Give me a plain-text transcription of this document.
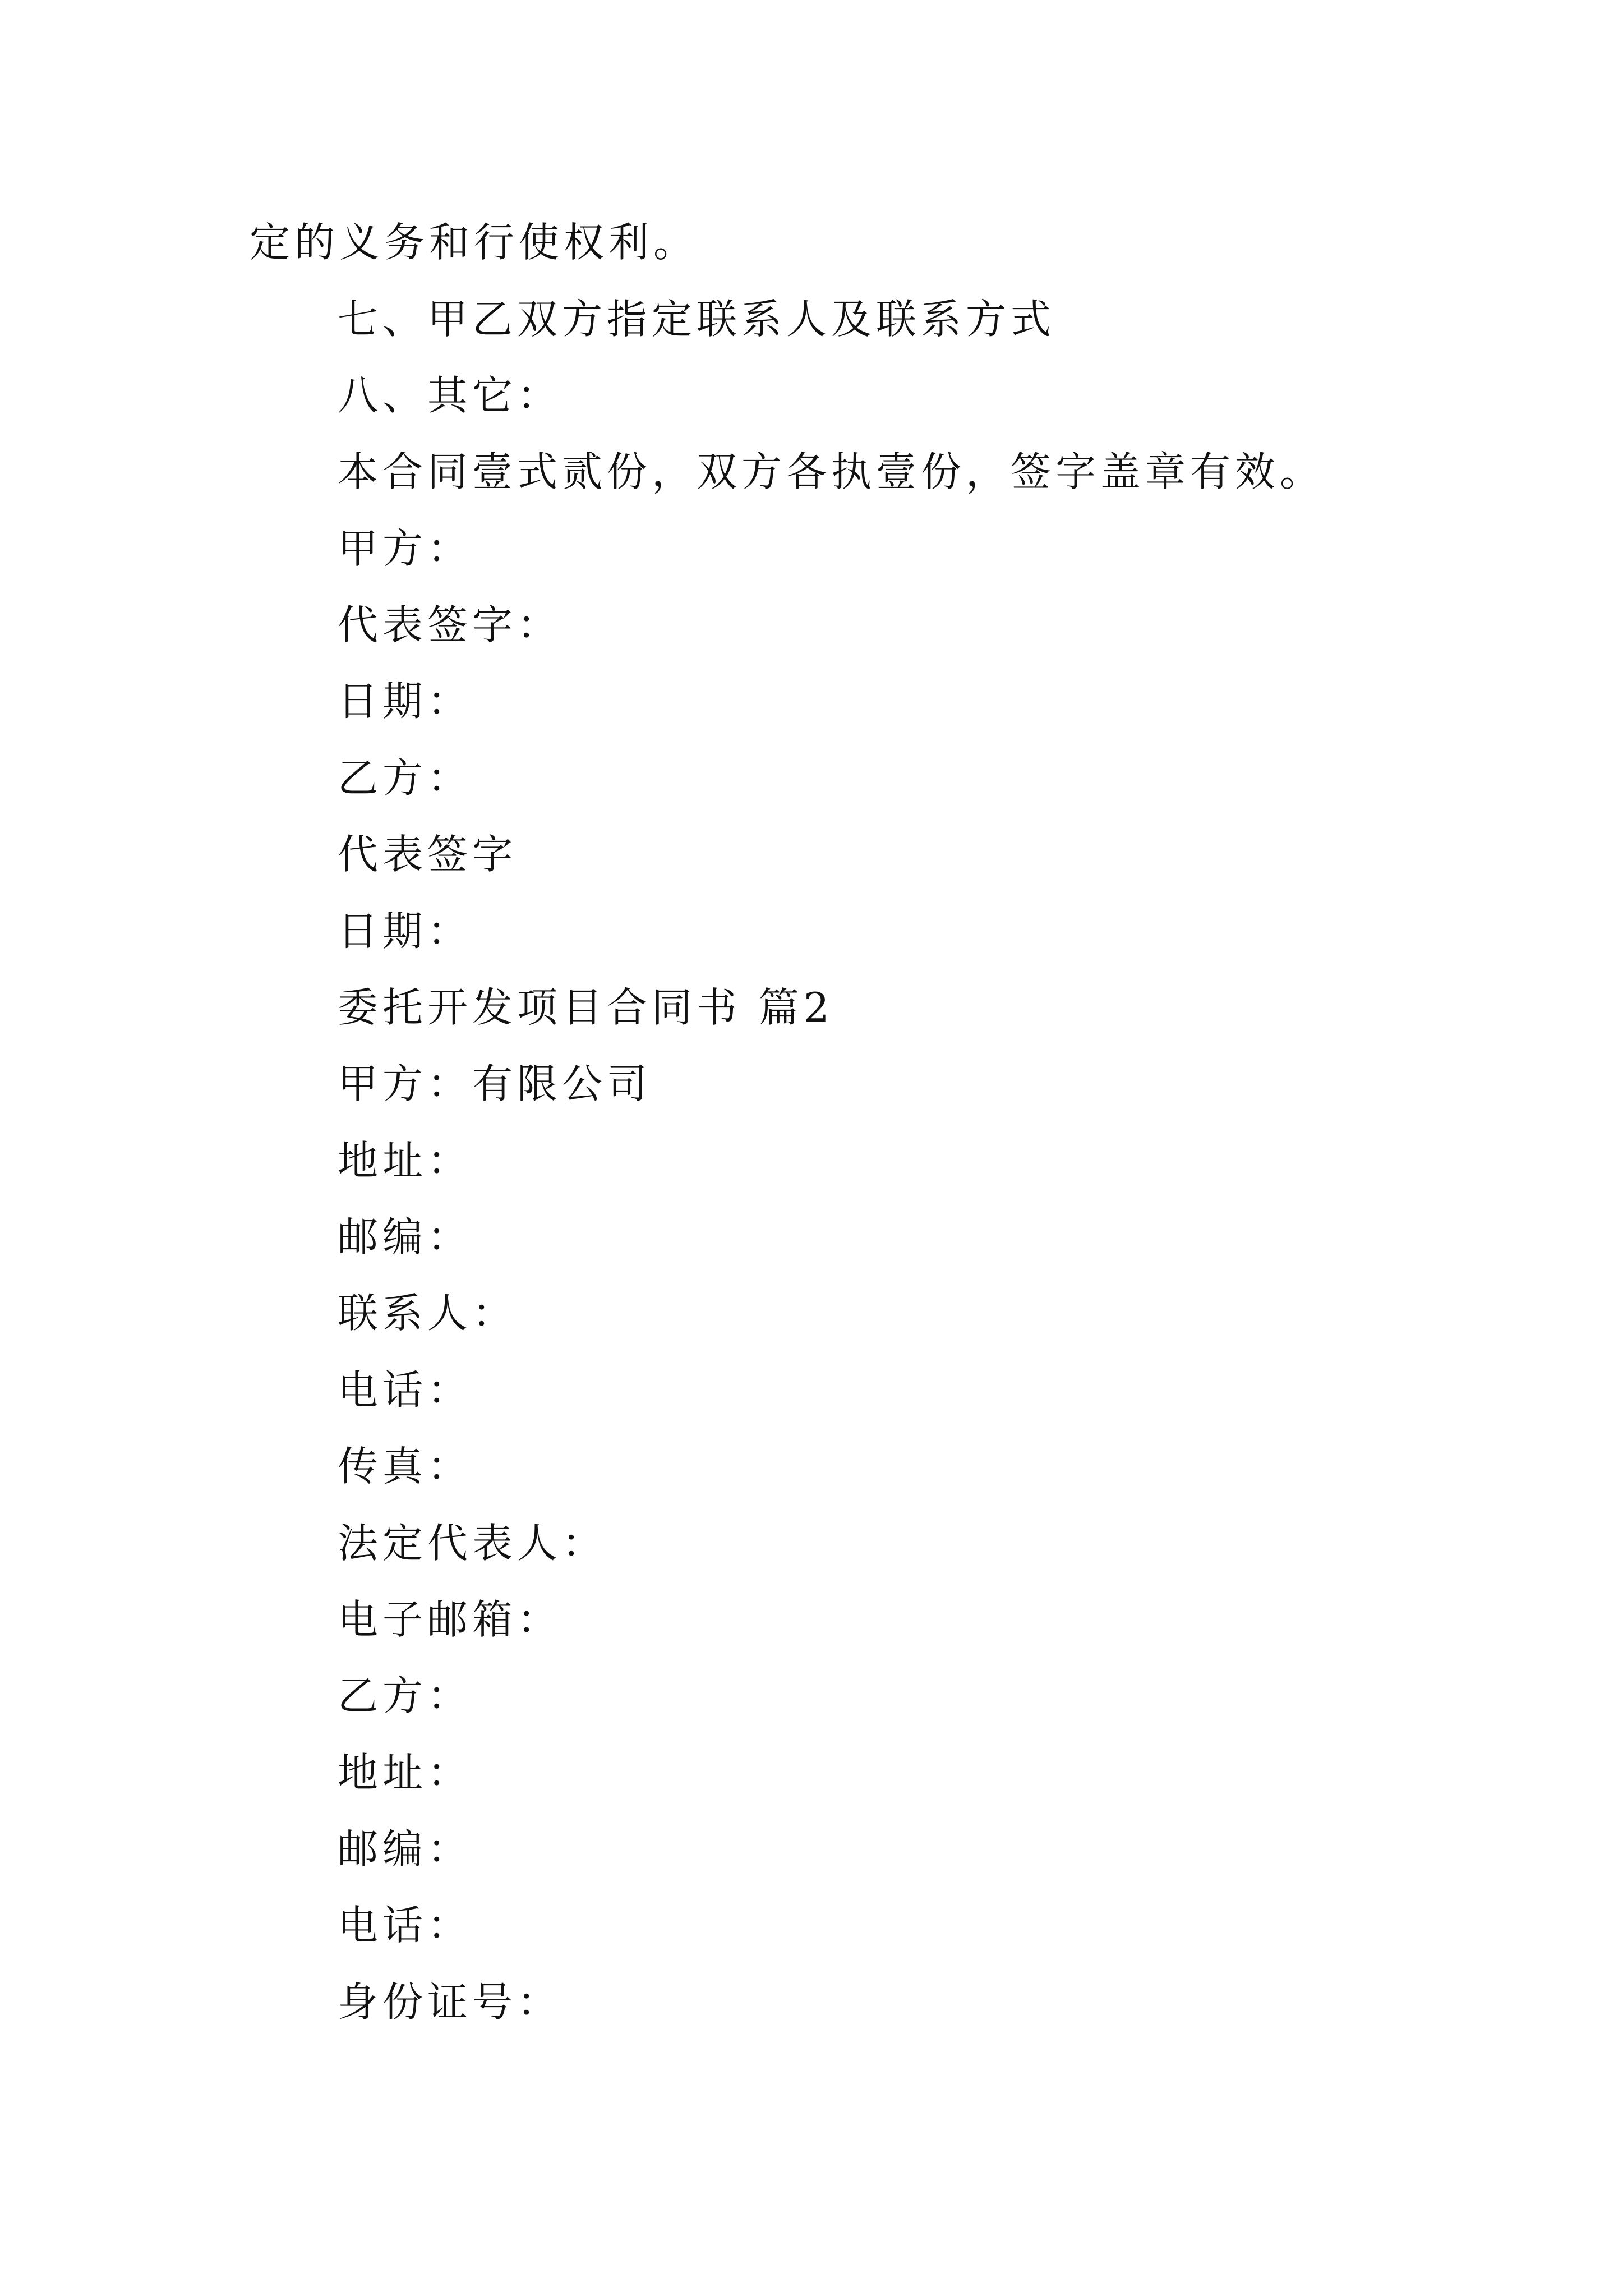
定的义务和行使权利。
七、甲乙双方指定联系人及联系方式
八、其它：
本合同壹式贰份，双方各执壹份，签字盖章有效。
甲方：
代表签字：
日期：
乙方：
代表签字
日期：
委托开发项目合同书 篇2
甲方：有限公司
地址：
邮编：
联系人：
电话：
传真：
法定代表人：
电子邮箱：
乙方：
地址：
邮编：
电话：
身份证号：
